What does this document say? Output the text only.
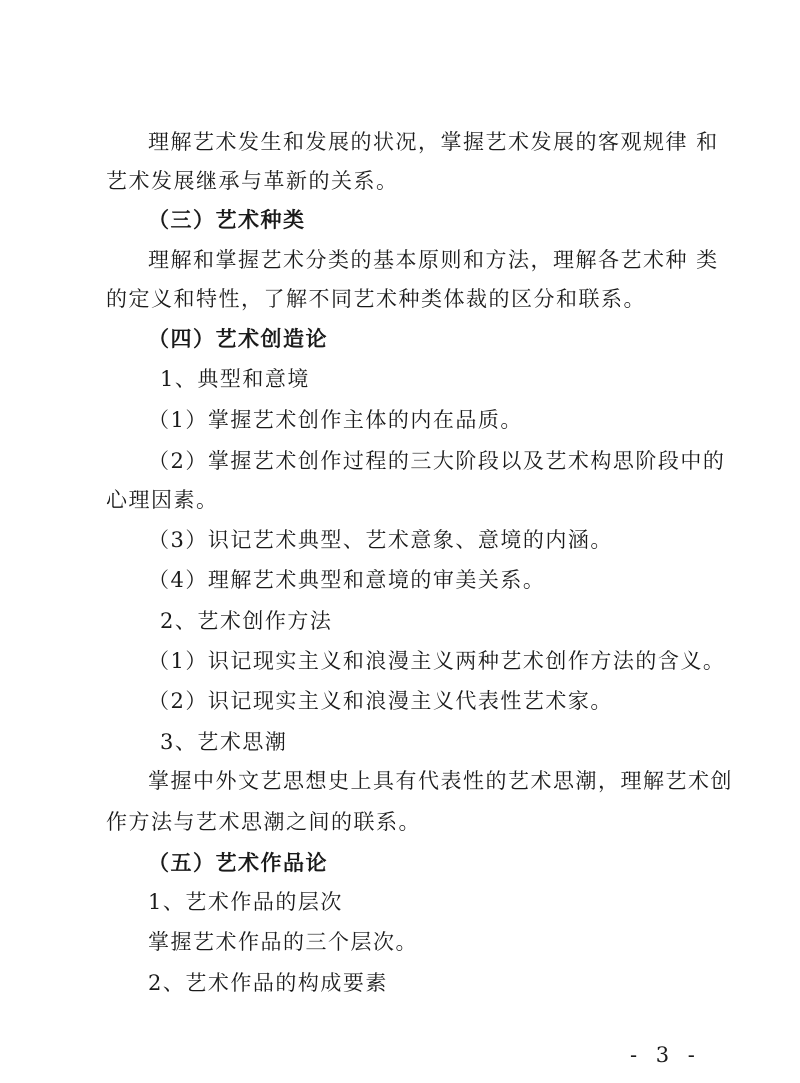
理解艺术发生和发展的状况，掌握艺术发展的客观规律 和
艺术发展继承与革新的关系。
（三）艺术种类
理解和掌握艺术分类的基本原则和方法，理解各艺术种 类
的定义和特性，了解不同艺术种类体裁的区分和联系。
（四）艺术创造论
1、典型和意境
（1）掌握艺术创作主体的内在品质。
（2）掌握艺术创作过程的三大阶段以及艺术构思阶段中的
心理因素。
（3）识记艺术典型、艺术意象、意境的内涵。
（4）理解艺术典型和意境的审美关系。
2、艺术创作方法
（1）识记现实主义和浪漫主义两种艺术创作方法的含义。
（2）识记现实主义和浪漫主义代表性艺术家。
3、艺术思潮
掌握中外文艺思想史上具有代表性的艺术思潮，理解艺术创
作方法与艺术思潮之间的联系。
（五）艺术作品论
1、艺术作品的层次
掌握艺术作品的三个层次。
2、艺术作品的构成要素
- 3 -
